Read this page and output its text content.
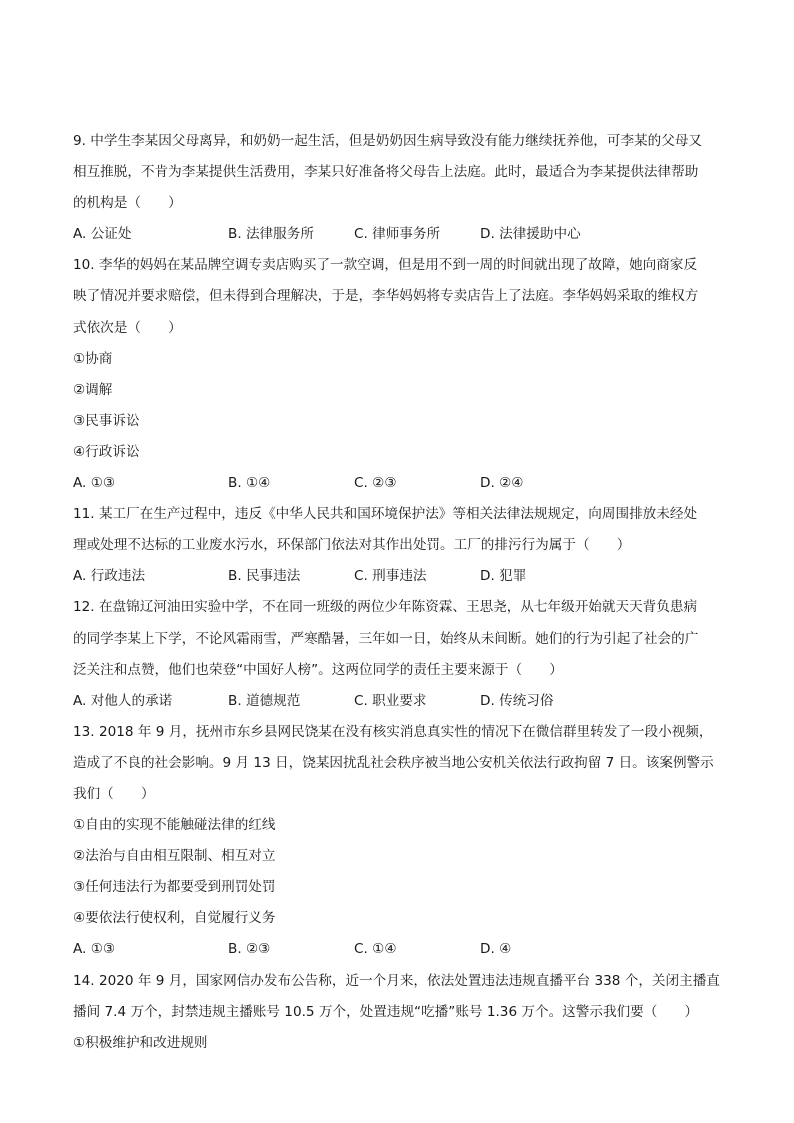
9. 中学生李某因父母离异，和奶奶一起生活，但是奶奶因生病导致没有能力继续抚养他，可李某的父母又
相互推脱，不肯为李某提供生活费用，李某只好准备将父母告上法庭。此时，最适合为李某提供法律帮助
的机构是（　　）
A. 公证处	B. 法律服务所	C. 律师事务所	D. 法律援助中心
10. 李华的妈妈在某品牌空调专卖店购买了一款空调，但是用不到一周的时间就出现了故障，她向商家反
映了情况并要求赔偿，但未得到合理解决，于是，李华妈妈将专卖店告上了法庭。李华妈妈采取的维权方
式依次是（　　）
①协商
②调解
③民事诉讼
④行政诉讼
A. ①③	B. ①④	C. ②③	D. ②④
11. 某工厂在生产过程中，违反《中华人民共和国环境保护法》等相关法律法规规定，向周围排放未经处
理或处理不达标的工业废水污水，环保部门依法对其作出处罚。工厂的排污行为属于（　　）
A. 行政违法	B. 民事违法	C. 刑事违法	D. 犯罪
12. 在盘锦辽河油田实验中学，不在同一班级的两位少年陈资霖、王思尧，从七年级开始就天天背负患病
的同学李某上下学，不论风霜雨雪，严寒酷暑，三年如一日，始终从未间断。她们的行为引起了社会的广
泛关注和点赞，他们也荣登“中国好人榜”。这两位同学的责任主要来源于（　　）
A. 对他人的承诺	B. 道德规范	C. 职业要求	D. 传统习俗
13. 2018 年 9 月，抚州市东乡县网民饶某在没有核实消息真实性的情况下在微信群里转发了一段小视频，
造成了不良的社会影响。9 月 13 日，饶某因扰乱社会秩序被当地公安机关依法行政拘留 7 日。该案例警示
我们（　　）
①自由的实现不能触碰法律的红线
②法治与自由相互限制、相互对立
③任何违法行为都要受到刑罚处罚
④要依法行使权利，自觉履行义务
A. ①③	B. ②③	C. ①④	D. ④
14. 2020 年 9 月，国家网信办发布公告称，近一个月来，依法处置违法违规直播平台 338 个，关闭主播直
播间 7.4 万个，封禁违规主播账号 10.5 万个，处置违规“吃播”账号 1.36 万个。这警示我们要（　　）
①积极维护和改进规则
